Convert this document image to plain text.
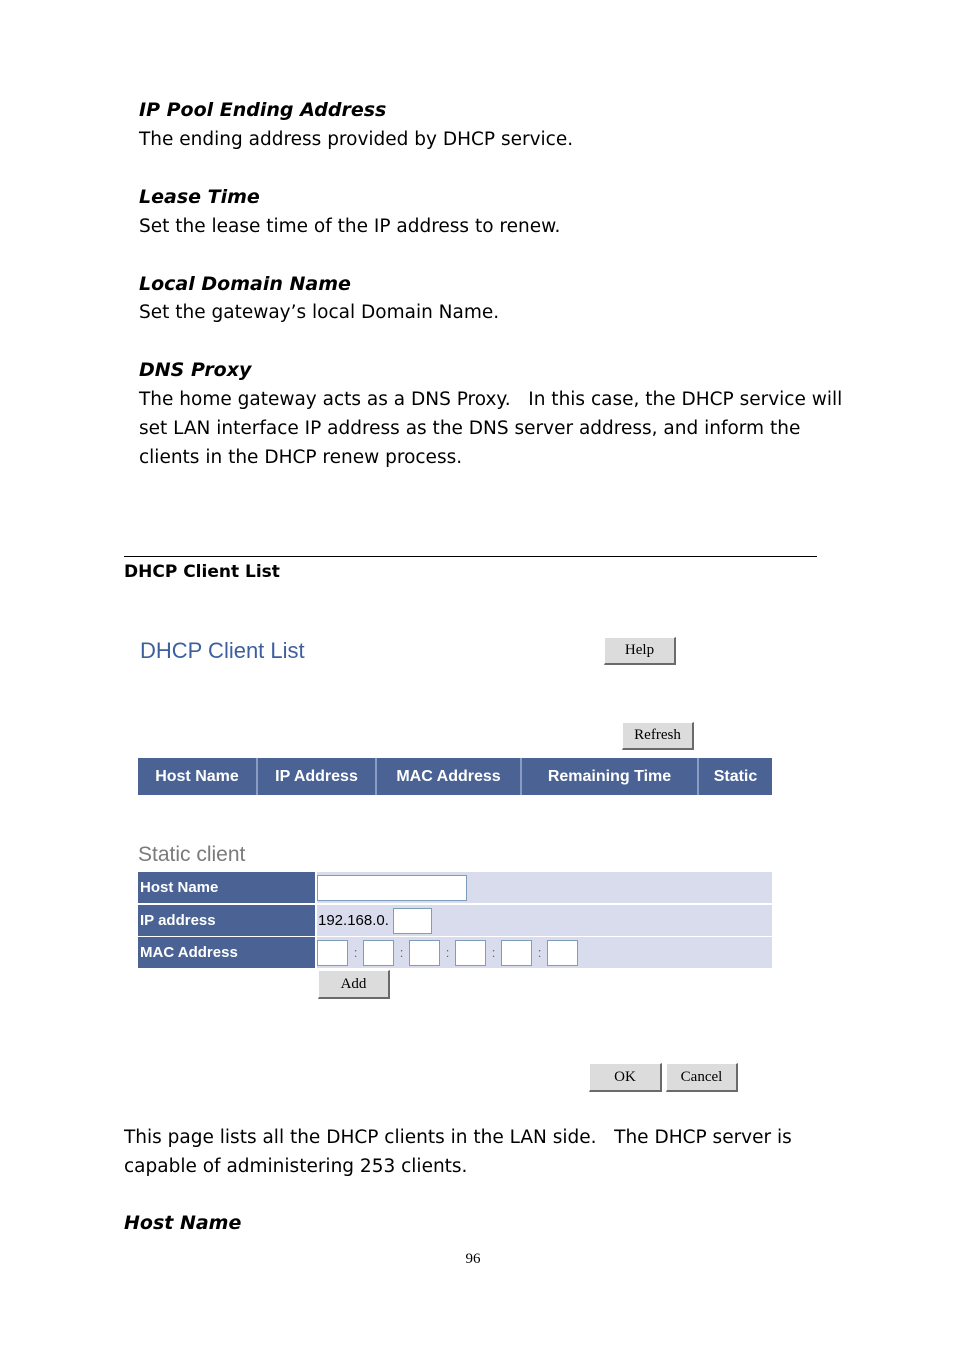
IP Pool Ending Address
The ending address provided by DHCP service.
Lease Time
Set the lease time of the IP address to renew.
Local Domain Name
Set the gateway’s local Domain Name.
DNS Proxy
The home gateway acts as a DNS Proxy.   In this case, the DHCP service will
set LAN interface IP address as the DNS server address, and inform the
clients in the DHCP renew process.
DHCP Client List
DHCP Client List	Help
Refresh
Host Name	IP Address	MAC Address	Remaining Time	Static
Static client
Host Name
IP address	192.168.0.
MAC Address	:	:	:	:	:
Add
OK	Cancel
This page lists all the DHCP clients in the LAN side.   The DHCP server is
capable of administering 253 clients.
Host Name
96
